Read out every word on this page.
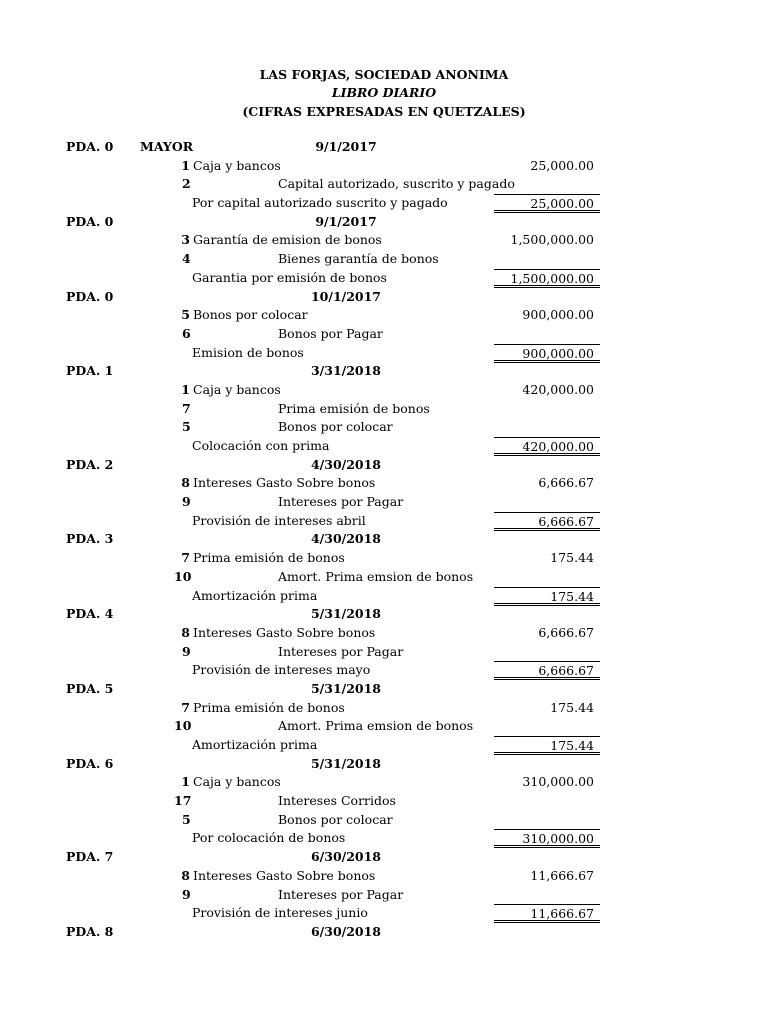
LAS FORJAS, SOCIEDAD ANONIMA
LIBRO DIARIO
(CIFRAS EXPRESADAS EN QUETZALES)
PDA. 0 MAYOR	9/1/2017
1 Caja y bancos	25,000.00
2	Capital autorizado, suscrito y pagado
Por capital autorizado suscrito y pagado	25,000.00
PDA. 0	9/1/2017
3 Garantía de emision de bonos	1,500,000.00
4	Bienes garantía de bonos
Garantia por emisión de bonos	1,500,000.00
PDA. 0	10/1/2017
5 Bonos por colocar	900,000.00
6	Bonos por Pagar
Emision de bonos	900,000.00
PDA. 1	3/31/2018
1 Caja y bancos	420,000.00
7	Prima emisión de bonos
5	Bonos por colocar
Colocación con prima	420,000.00
PDA. 2	4/30/2018
8 Intereses Gasto Sobre bonos	6,666.67
9	Intereses por Pagar
Provisión de intereses abril	6,666.67
PDA. 3	4/30/2018
7 Prima emisión de bonos	175.44
10	Amort. Prima emsion de bonos
Amortización prima	175.44
PDA. 4	5/31/2018
8 Intereses Gasto Sobre bonos	6,666.67
9	Intereses por Pagar
Provisión de intereses mayo	6,666.67
PDA. 5	5/31/2018
7 Prima emisión de bonos	175.44
10	Amort. Prima emsion de bonos
Amortización prima	175.44
PDA. 6	5/31/2018
1 Caja y bancos	310,000.00
17	Intereses Corridos
5	Bonos por colocar
Por colocación de bonos	310,000.00
PDA. 7	6/30/2018
8 Intereses Gasto Sobre bonos	11,666.67
9	Intereses por Pagar
Provisión de intereses junio	11,666.67
PDA. 8	6/30/2018
